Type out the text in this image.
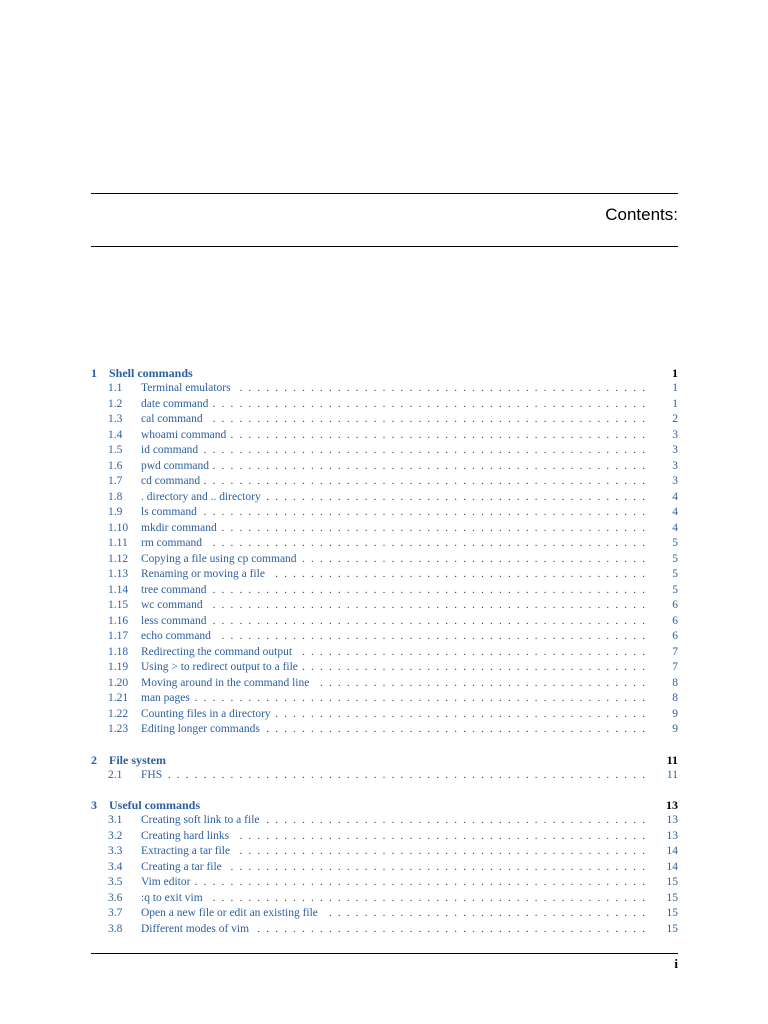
Contents:
1 Shell commands	1
1.1 ..... Terminal emulators	1
1.2 ..... date command	1
1.3 ..... cal command	2
1.4 ..... whoami command	3
1.5 ..... id command	3
1.6 ..... pwd command	3
1.7 ..... cd command	3
1.8 ..... . directory and .. directory	4
1.9 ..... ls command	4
1.10 ..... mkdir command	4
1.11 ..... rm command	5
1.12 ..... Copying a file using cp command	5
1.13 ..... Renaming or moving a file	5
1.14 ..... tree command	5
1.15 ..... wc command	6
1.16 ..... less command	6
1.17 ..... echo command	6
1.18 ..... Redirecting the command output	7
1.19 ..... Using > to redirect output to a file	7
1.20 ..... Moving around in the command line	8
1.21 ..... man pages	8
1.22 ..... Counting files in a directory	9
1.23 ..... Editing longer commands	9
2 File system	11
2.1 ..... FHS	11
3 Useful commands	13
3.1 ..... Creating soft link to a file	13
3.2 ..... Creating hard links	13
3.3 ..... Extracting a tar file	14
3.4 ..... Creating a tar file	14
3.5 ..... Vim editor	15
3.6 ..... :q to exit vim	15
3.7 ..... Open a new file or edit an existing file	15
3.8 ..... Different modes of vim	15
i
